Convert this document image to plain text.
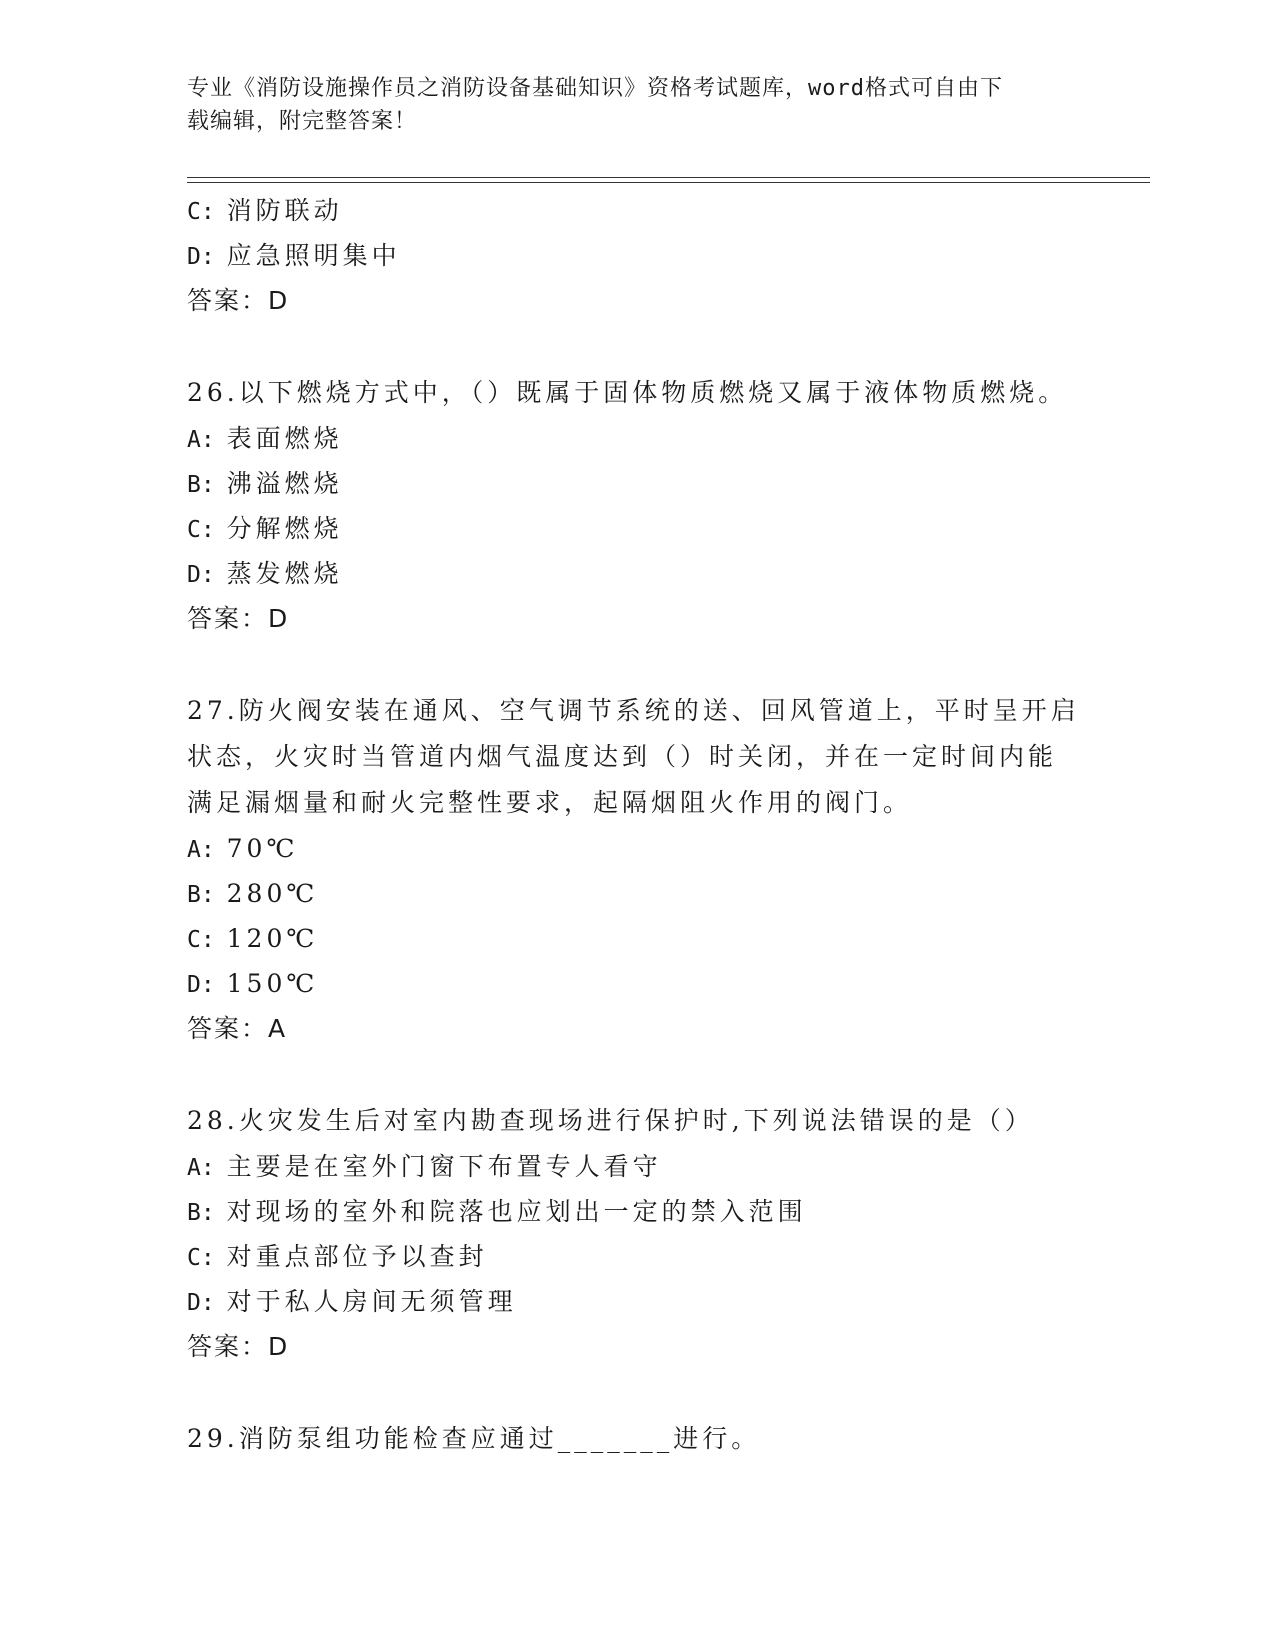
专业《消防设施操作员之消防设备基础知识》资格考试题库，word格式可自由下
载编辑，附完整答案！
C: 消防联动
D: 应急照明集中
答案：D
26.以下燃烧方式中，（）既属于固体物质燃烧又属于液体物质燃烧。
A: 表面燃烧
B: 沸溢燃烧
C: 分解燃烧
D: 蒸发燃烧
答案：D
27.防火阀安装在通风、空气调节系统的送、回风管道上，平时呈开启
状态，火灾时当管道内烟气温度达到（）时关闭，并在一定时间内能
满足漏烟量和耐火完整性要求，起隔烟阻火作用的阀门。
A: 70℃
B: 280℃
C: 120℃
D: 150℃
答案：A
28.火灾发生后对室内勘查现场进行保护时,下列说法错误的是（）
A: 主要是在室外门窗下布置专人看守
B: 对现场的室外和院落也应划出一定的禁入范围
C: 对重点部位予以查封
D: 对于私人房间无须管理
答案：D
29.消防泵组功能检查应通过_______进行。
